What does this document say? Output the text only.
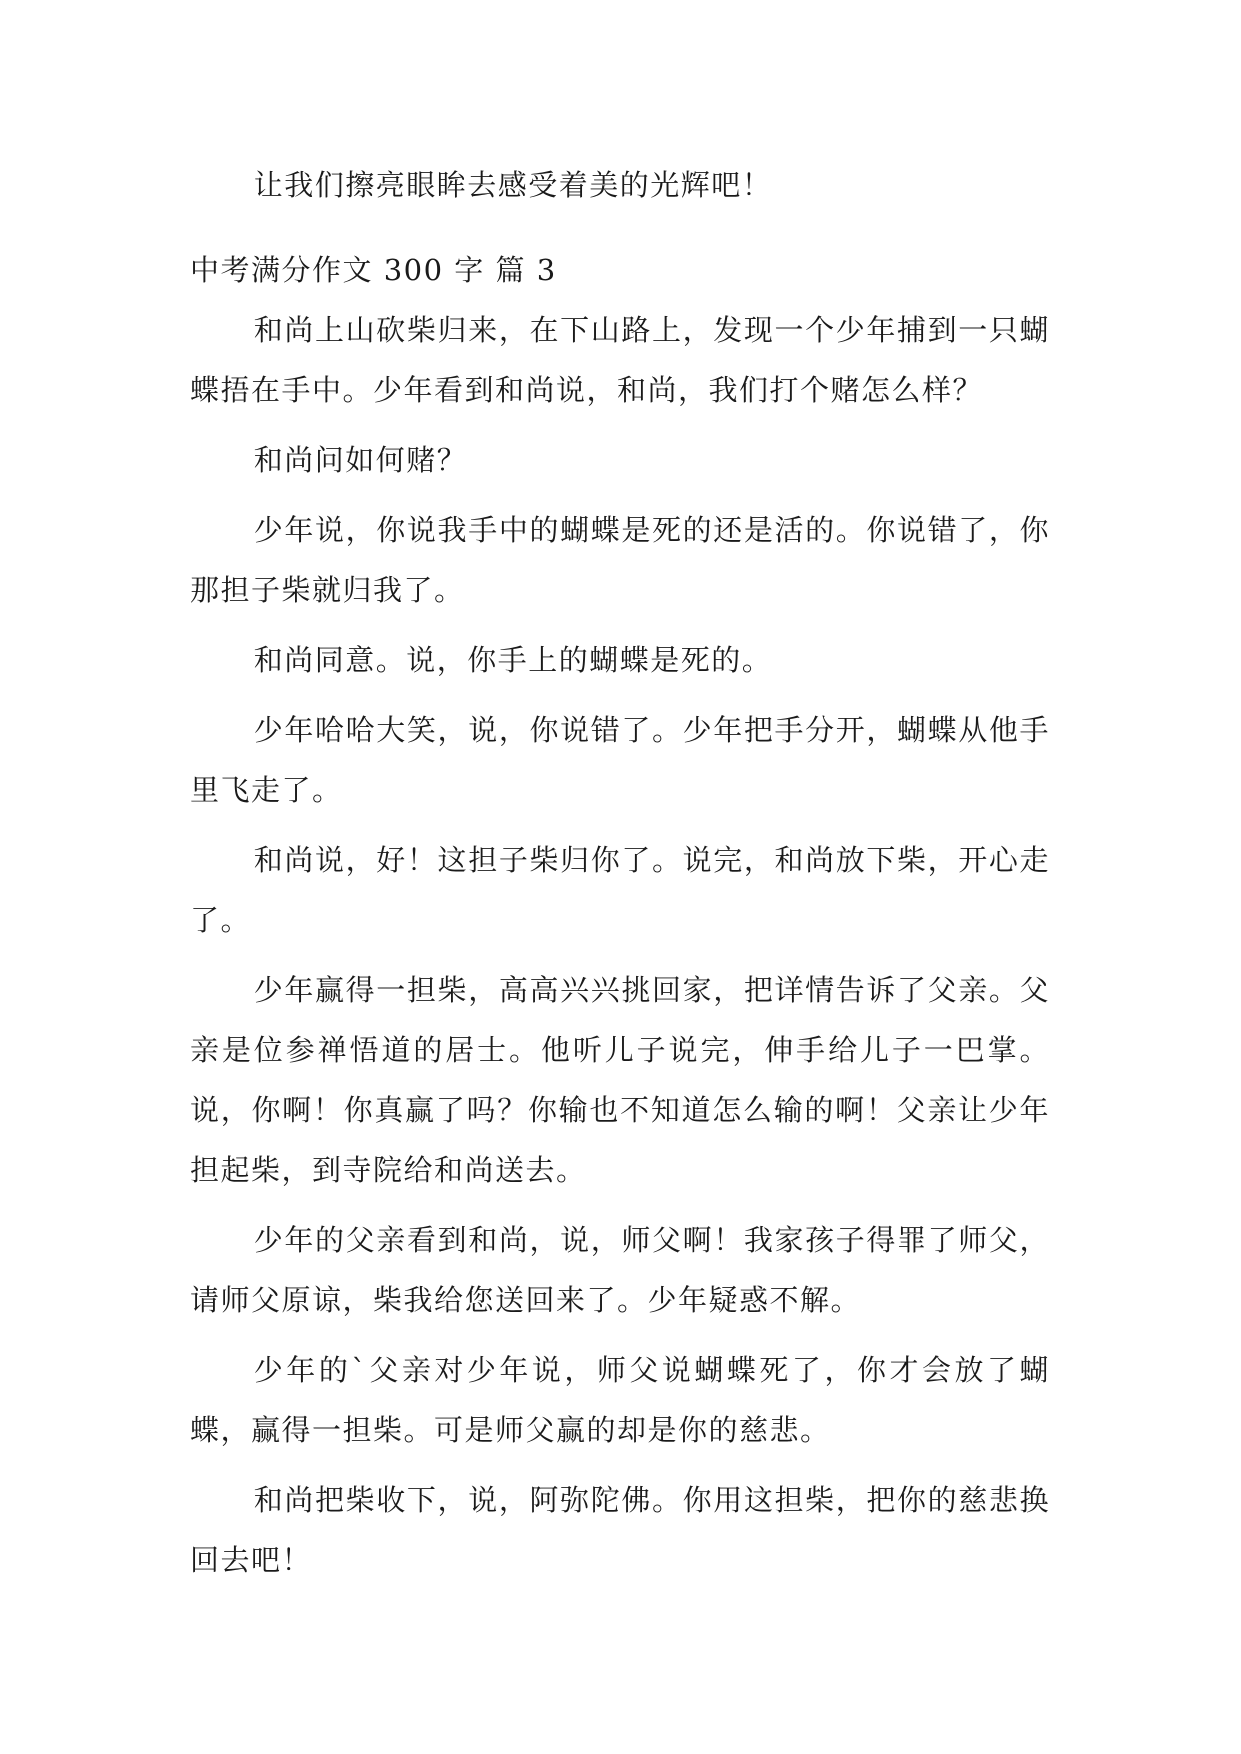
让我们擦亮眼眸去感受着美的光辉吧！

中考满分作文 300 字 篇 3

和尚上山砍柴归来，在下山路上，发现一个少年捕到一只蝴蝶捂在手中。少年看到和尚说，和尚，我们打个赌怎么样？

和尚问如何赌？

少年说，你说我手中的蝴蝶是死的还是活的。你说错了，你那担子柴就归我了。

和尚同意。说，你手上的蝴蝶是死的。

少年哈哈大笑，说，你说错了。少年把手分开，蝴蝶从他手里飞走了。

和尚说，好！这担子柴归你了。说完，和尚放下柴，开心走了。

少年赢得一担柴，高高兴兴挑回家，把详情告诉了父亲。父亲是位参禅悟道的居士。他听儿子说完，伸手给儿子一巴掌。说，你啊！你真赢了吗？你输也不知道怎么输的啊！父亲让少年担起柴，到寺院给和尚送去。

少年的父亲看到和尚，说，师父啊！我家孩子得罪了师父，请师父原谅，柴我给您送回来了。少年疑惑不解。

少年的`父亲对少年说，师父说蝴蝶死了，你才会放了蝴蝶，赢得一担柴。可是师父赢的却是你的慈悲。

和尚把柴收下，说，阿弥陀佛。你用这担柴，把你的慈悲换回去吧！
